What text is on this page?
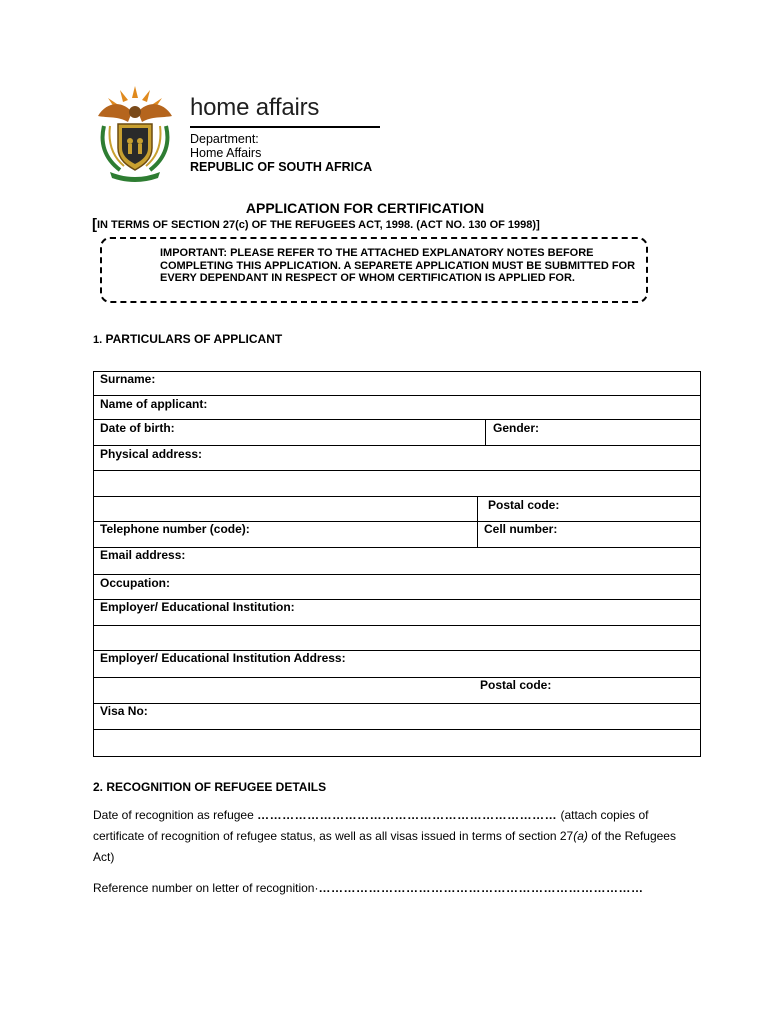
home affairs
Department:
Home Affairs
REPUBLIC OF SOUTH AFRICA
APPLICATION FOR CERTIFICATION
[IN TERMS OF SECTION 27(c) OF THE REFUGEES ACT, 1998. (ACT NO. 130 OF 1998)]
IMPORTANT: PLEASE REFER TO THE ATTACHED EXPLANATORY NOTES BEFORE COMPLETING THIS APPLICATION. A SEPARETE APPLICATION MUST BE SUBMITTED FOR EVERY DEPENDANT IN RESPECT OF WHOM CERTIFICATION IS APPLIED FOR.
1. PARTICULARS OF APPLICANT
Surname:
Name of applicant:
Date of birth:	Gender:
Physical address:
Postal code:
Telephone number (code):	Cell number:
Email address:
Occupation:
Employer/ Educational Institution:
Employer/ Educational Institution Address:
Postal code:
Visa No:
2. RECOGNITION OF REFUGEE DETAILS
Date of recognition as refugee ……………………………………………………………… (attach copies of certificate of recognition of refugee status, as well as all visas issued in terms of section 27(a) of the Refugees Act)
Reference number on letter of recognition·……………………………………………………………………
